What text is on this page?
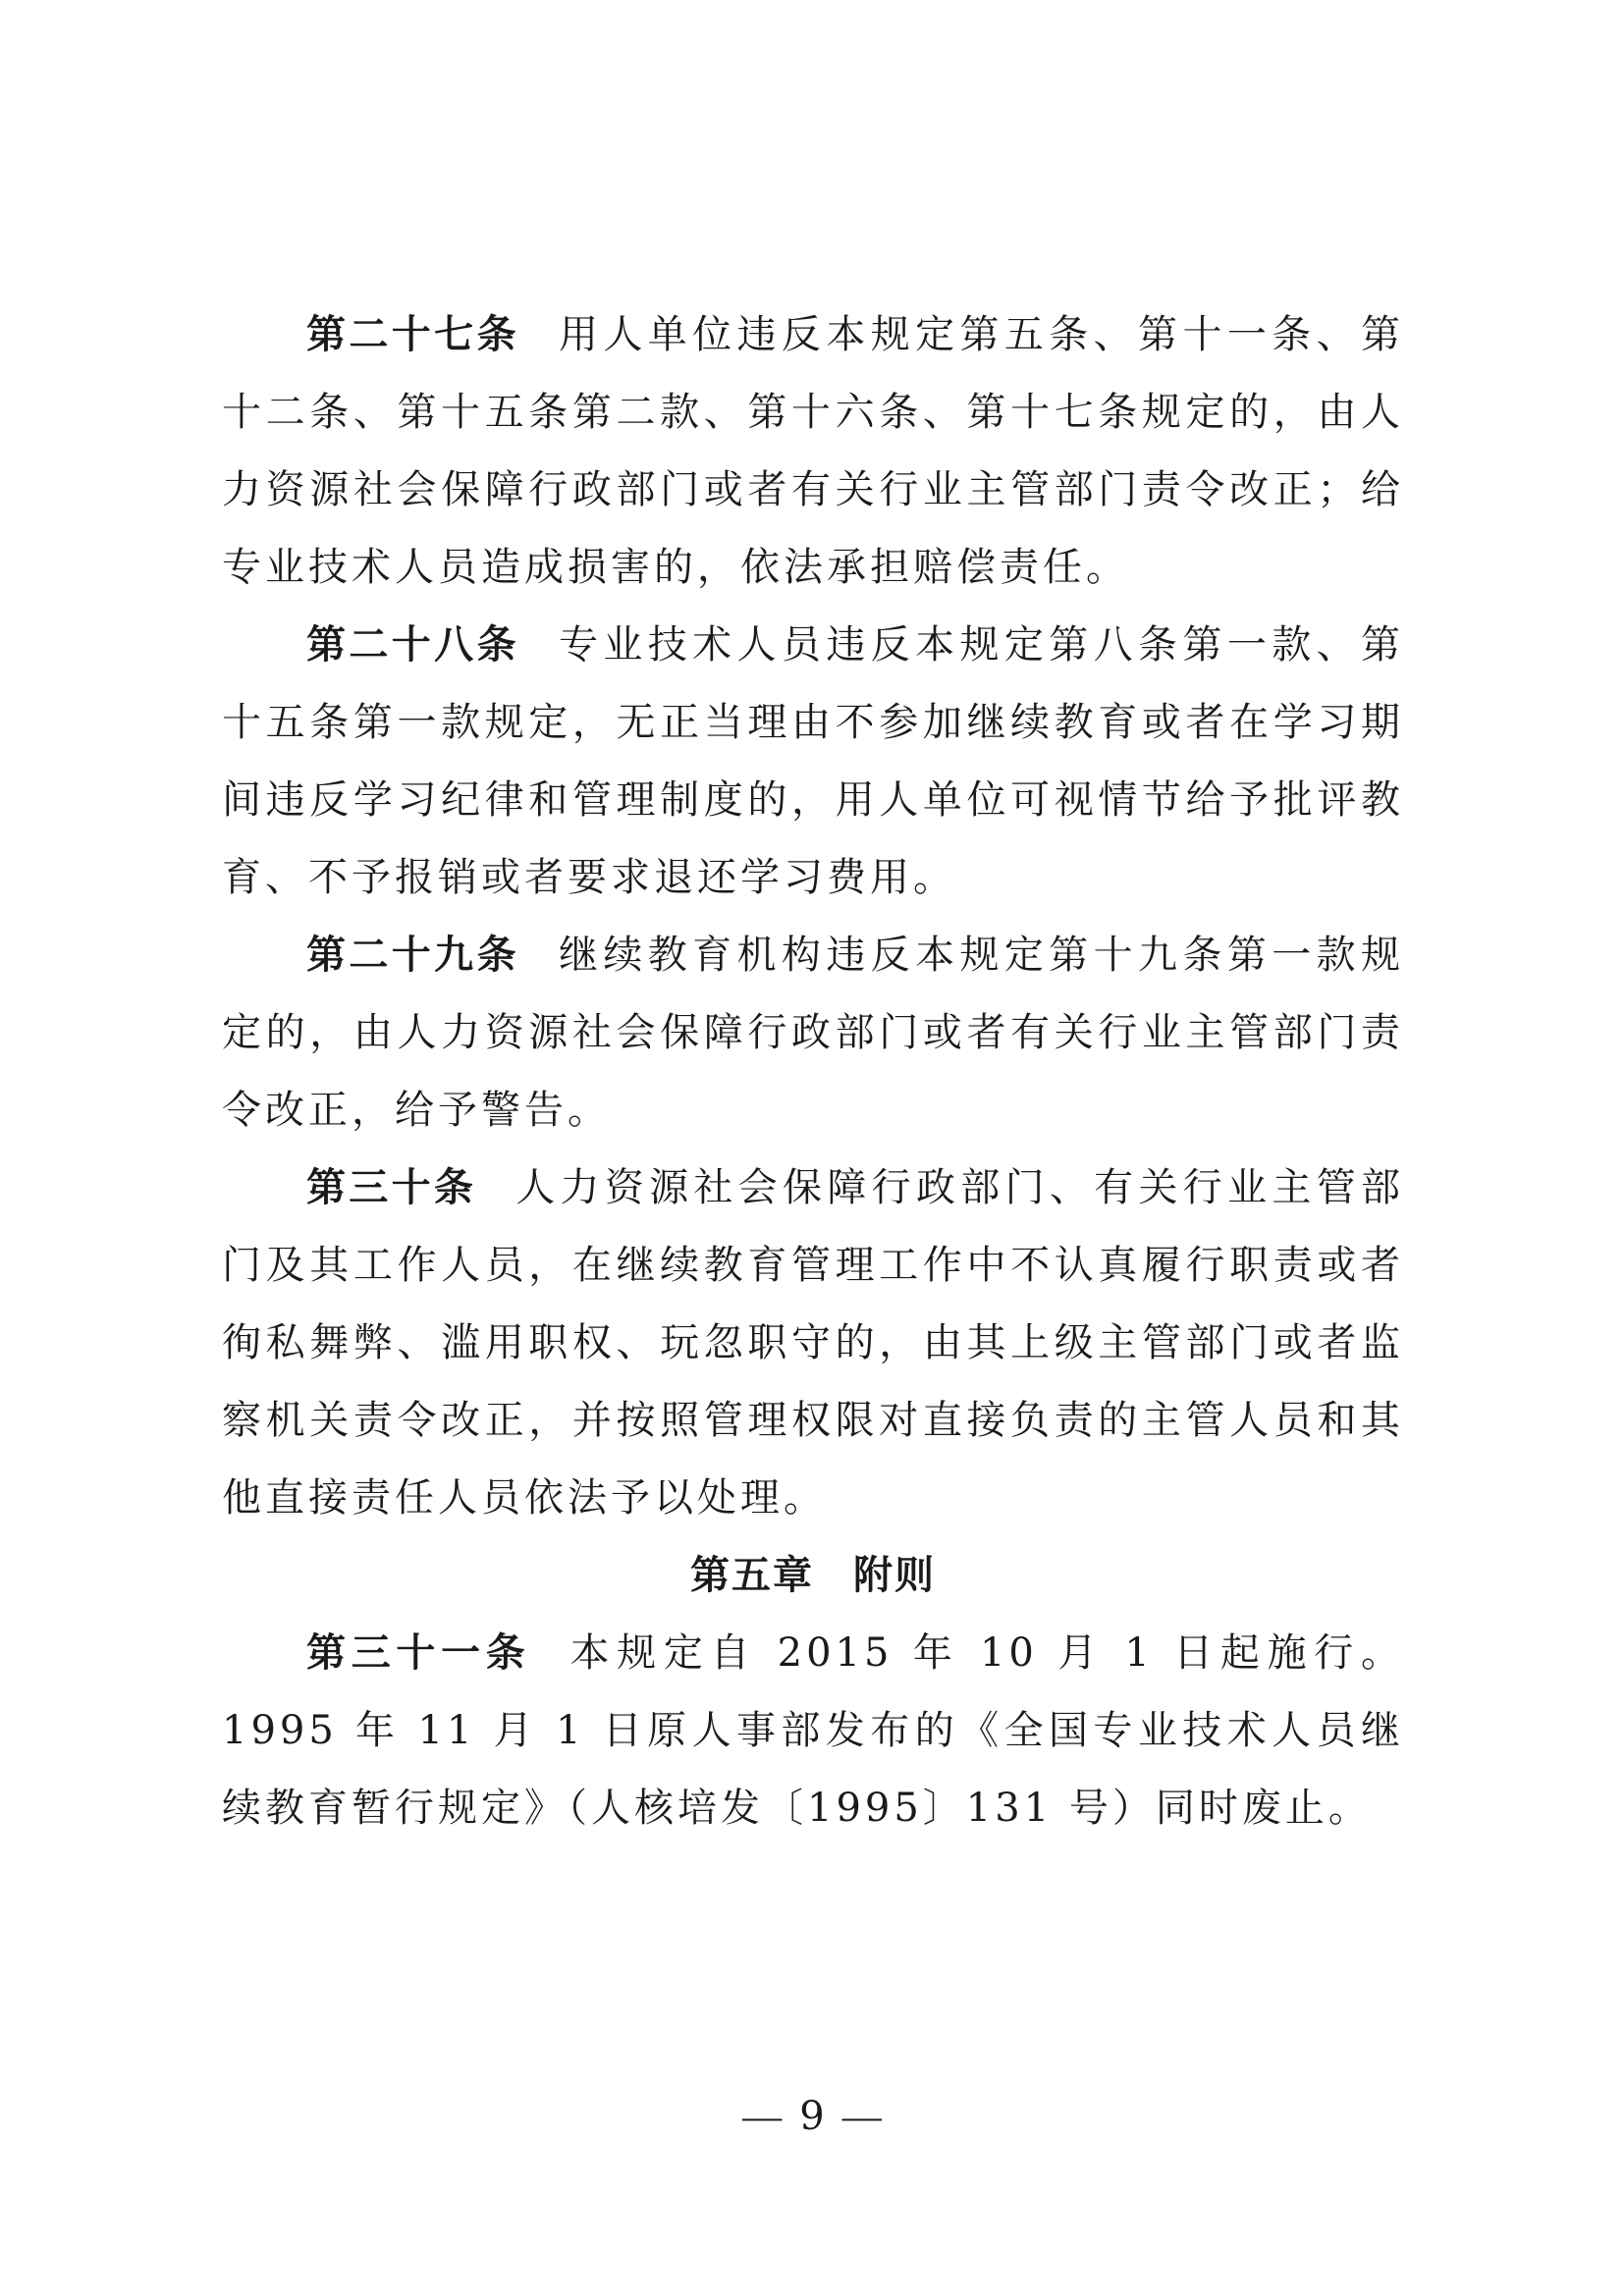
第二十七条 用人单位违反本规定第五条、第十一条、第十二条、第十五条第二款、第十六条、第十七条规定的，由人力资源社会保障行政部门或者有关行业主管部门责令改正；给专业技术人员造成损害的，依法承担赔偿责任。

第二十八条 专业技术人员违反本规定第八条第一款、第十五条第一款规定，无正当理由不参加继续教育或者在学习期间违反学习纪律和管理制度的，用人单位可视情节给予批评教育、不予报销或者要求退还学习费用。

第二十九条 继续教育机构违反本规定第十九条第一款规定的，由人力资源社会保障行政部门或者有关行业主管部门责令改正，给予警告。

第三十条 人力资源社会保障行政部门、有关行业主管部门及其工作人员，在继续教育管理工作中不认真履行职责或者徇私舞弊、滥用职权、玩忽职守的，由其上级主管部门或者监察机关责令改正，并按照管理权限对直接负责的主管人员和其他直接责任人员依法予以处理。

第五章 附则

第三十一条 本规定自 2015 年 10 月 1 日起施行。1995 年 11 月 1 日原人事部发布的《全国专业技术人员继续教育暂行规定》（人核培发〔1995〕131 号）同时废止。

— 9 —
